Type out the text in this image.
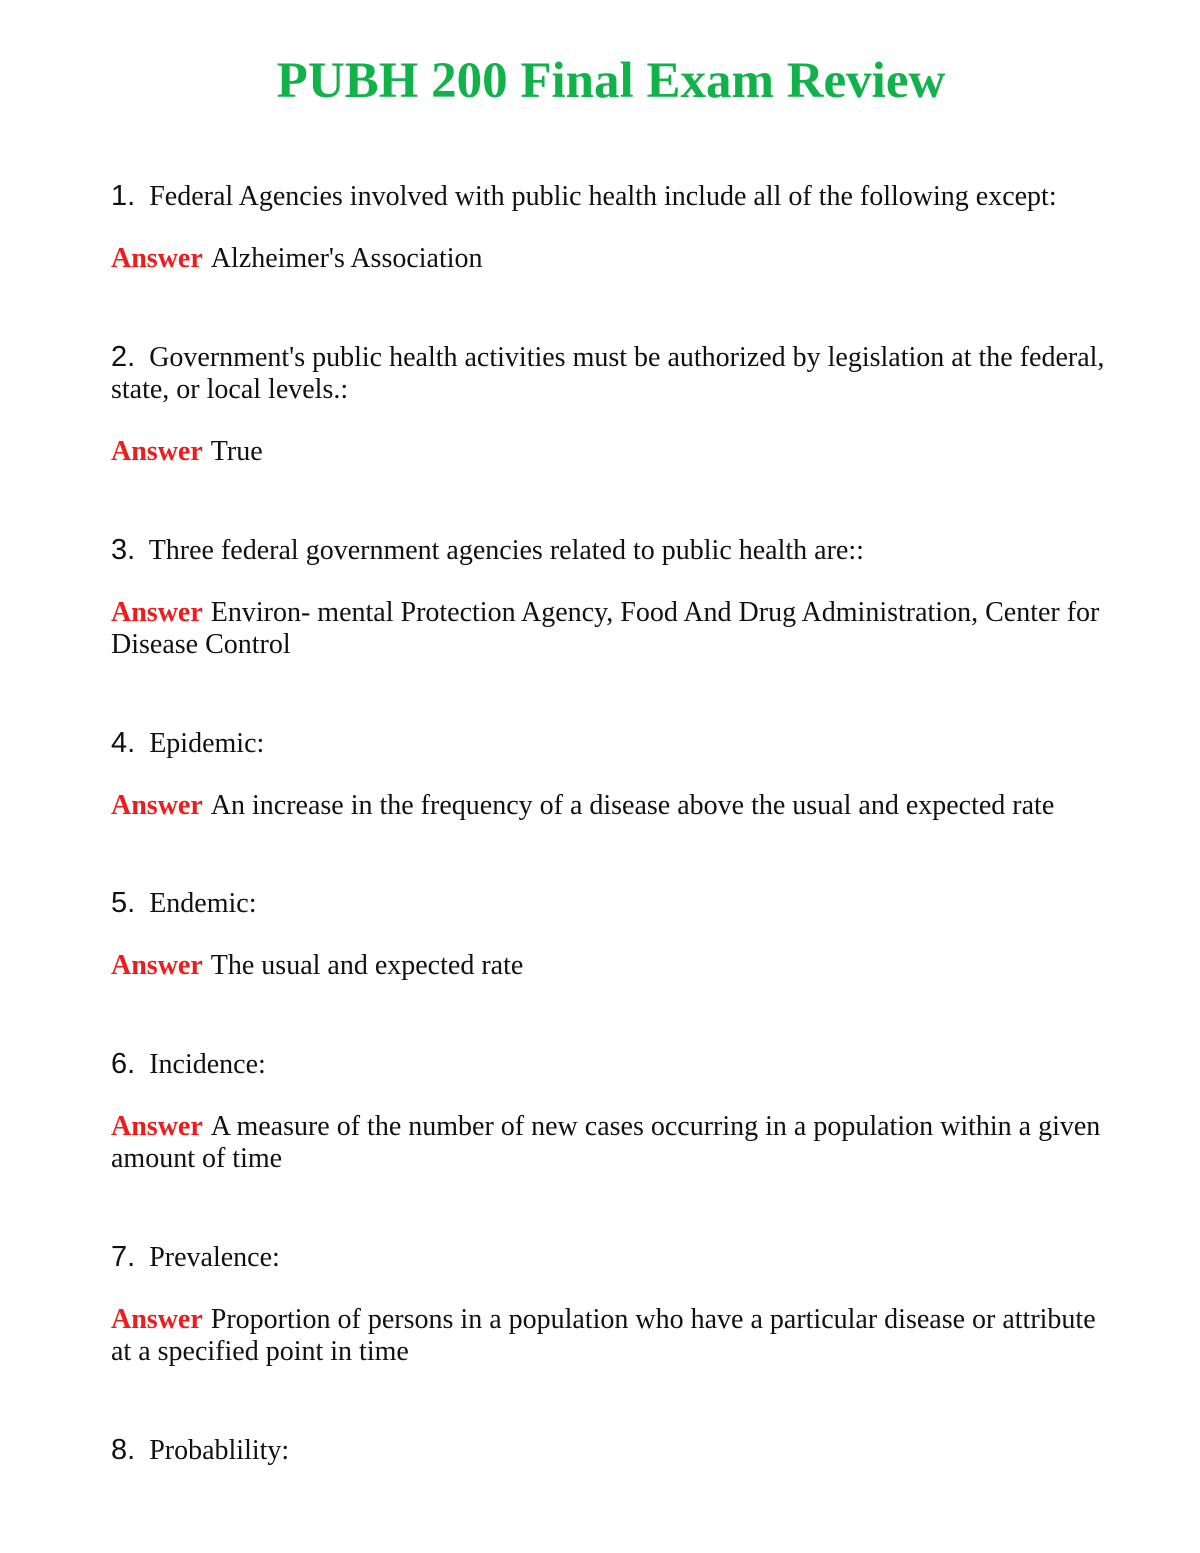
PUBH 200 Final Exam Review
1. Federal Agencies involved with public health include all of the following except:
Answer Alzheimer's Association
2. Government's public health activities must be authorized by legislation at the federal, state, or local levels.:
Answer True
3. Three federal government agencies related to public health are::
Answer Environ- mental Protection Agency, Food And Drug Administration, Center for Disease Control
4. Epidemic:
Answer An increase in the frequency of a disease above the usual and expected rate
5. Endemic:
Answer The usual and expected rate
6. Incidence:
Answer A measure of the number of new cases occurring in a population within a given amount of time
7. Prevalence:
Answer Proportion of persons in a population who have a particular disease or attribute at a specified point in time
8. Probablility:
